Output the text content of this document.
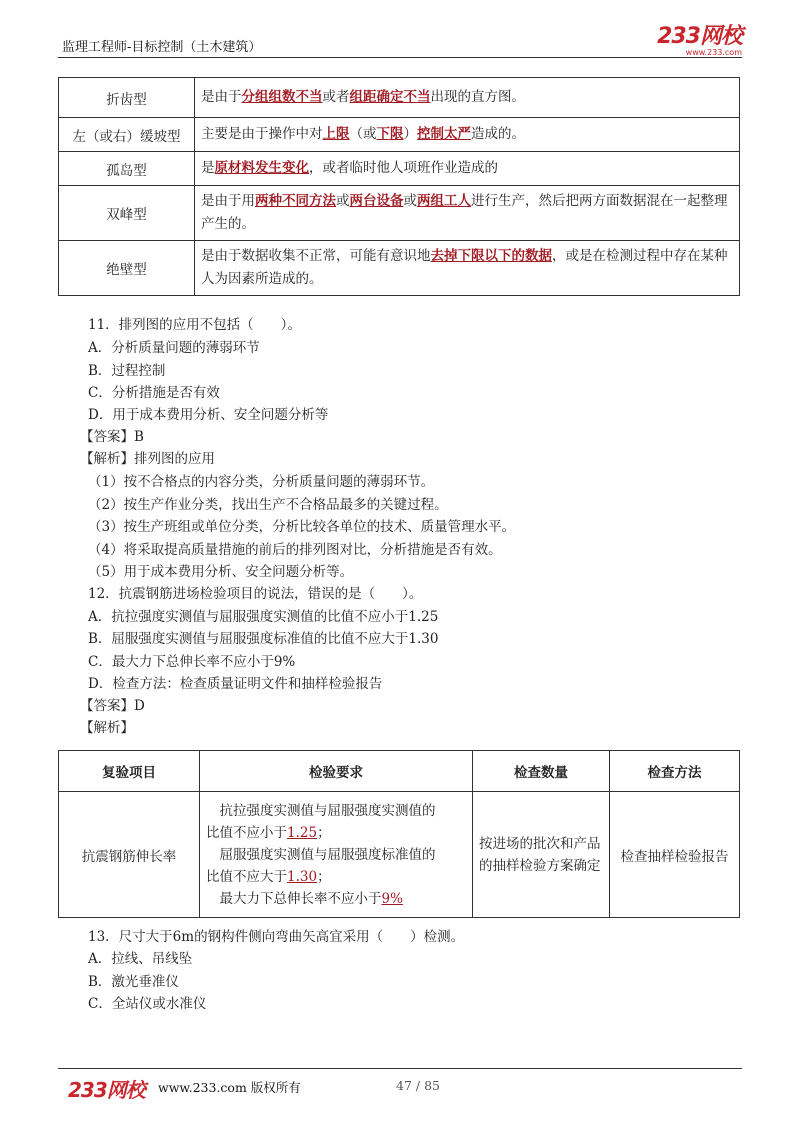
监理工程师-目标控制（土木建筑）	233网校
www.233.com
折齿型	是由于分组组数不当或者组距确定不当出现的直方图。
左（或右）缓坡型	主要是由于操作中对上限（或下限）控制太严造成的。
孤岛型	是原材料发生变化，或者临时他人项班作业造成的
双峰型	是由于用两种不同方法或两台设备或两组工人进行生产，然后把两方面数据混在一起整理产生的。
绝壁型	是由于数据收集不正常，可能有意识地去掉下限以下的数据，或是在检测过程中存在某种人为因素所造成的。
11．排列图的应用不包括（　　）。
A．分析质量问题的薄弱环节
B．过程控制
C．分析措施是否有效
D．用于成本费用分析、安全问题分析等
【答案】B
【解析】排列图的应用
（1）按不合格点的内容分类，分析质量问题的薄弱环节。
（2）按生产作业分类，找出生产不合格品最多的关键过程。
（3）按生产班组或单位分类，分析比较各单位的技术、质量管理水平。
（4）将采取提高质量措施的前后的排列图对比，分析措施是否有效。
（5）用于成本费用分析、安全问题分析等。
12．抗震钢筋进场检验项目的说法，错误的是（　　）。
A．抗拉强度实测值与屈服强度实测值的比值不应小于1.25
B．屈服强度实测值与屈服强度标准值的比值不应大于1.30
C．最大力下总伸长率不应小于9%
D．检查方法：检查质量证明文件和抽样检验报告
【答案】D
【解析】
复验项目	检验要求	检查数量	检查方法
抗震钢筋伸长率	　抗拉强度实测值与屈服强度实测值的
比值不应小于1.25；
　屈服强度实测值与屈服强度标准值的
比值不应大于1.30；
　最大力下总伸长率不应小于9%	按进场的批次和产品的抽样检验方案确定	检查抽样检验报告
13．尺寸大于6m的钢构件侧向弯曲矢高宜采用（　　）检测。
A．拉线、吊线坠
B．激光垂准仪
C．全站仪或水准仪
233网校 www.233.com 版权所有	47 / 85
